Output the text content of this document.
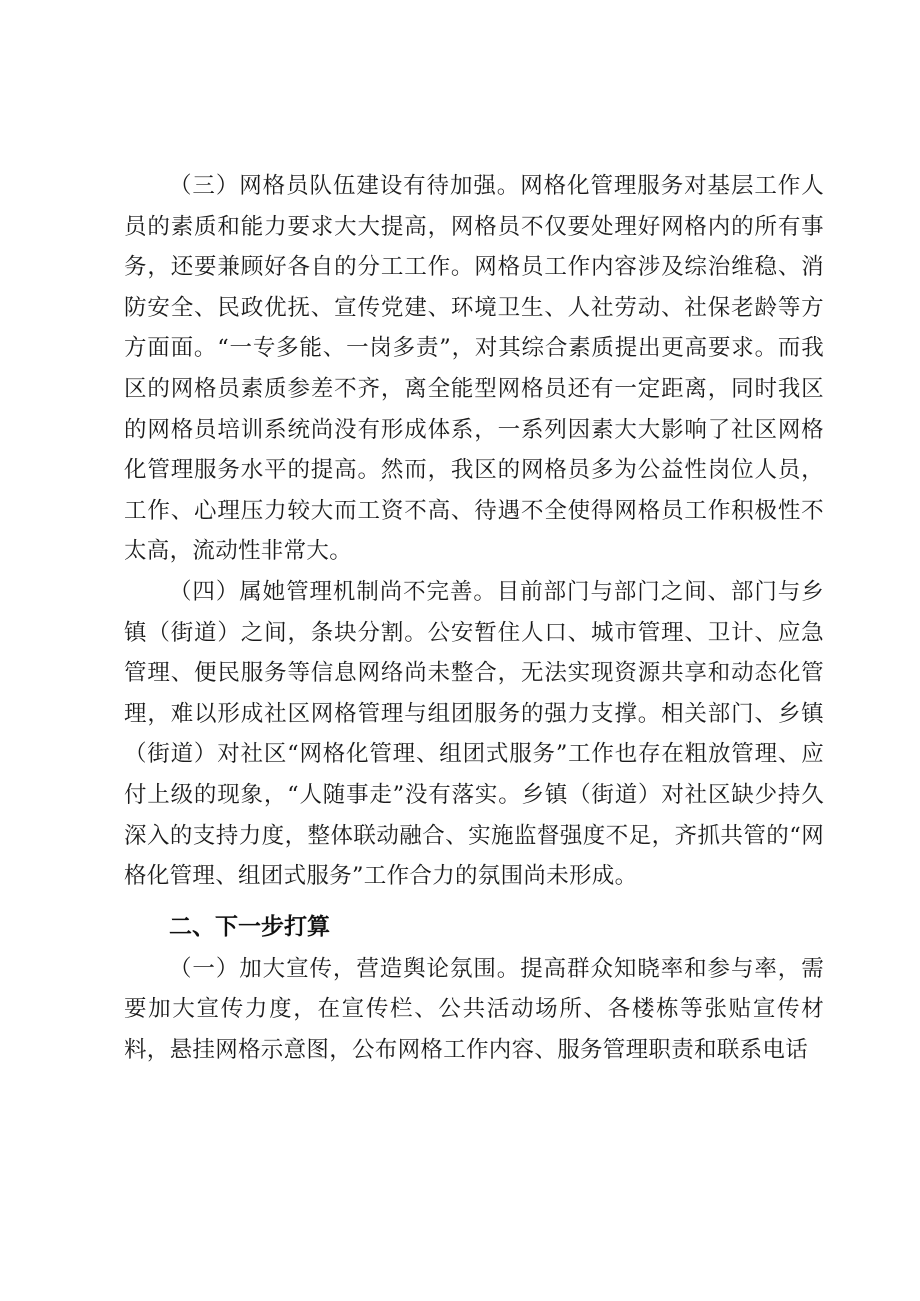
（三）网格员队伍建设有待加强。网格化管理服务对基层工作人员的素质和能力要求大大提高，网格员不仅要处理好网格内的所有事务，还要兼顾好各自的分工工作。网格员工作内容涉及综治维稳、消防安全、民政优抚、宣传党建、环境卫生、人社劳动、社保老龄等方方面面。“一专多能、一岗多责”，对其综合素质提出更高要求。而我区的网格员素质参差不齐，离全能型网格员还有一定距离，同时我区的网格员培训系统尚没有形成体系，一系列因素大大影响了社区网格化管理服务水平的提高。然而，我区的网格员多为公益性岗位人员，工作、心理压力较大而工资不高、待遇不全使得网格员工作积极性不太高，流动性非常大。

（四）属她管理机制尚不完善。目前部门与部门之间、部门与乡镇（街道）之间，条块分割。公安暂住人口、城市管理、卫计、应急管理、便民服务等信息网络尚未整合，无法实现资源共享和动态化管理，难以形成社区网格管理与组团服务的强力支撑。相关部门、乡镇（街道）对社区“网格化管理、组团式服务”工作也存在粗放管理、应付上级的现象，“人随事走”没有落实。乡镇（街道）对社区缺少持久深入的支持力度，整体联动融合、实施监督强度不足，齐抓共管的“网格化管理、组团式服务”工作合力的氛围尚未形成。

二、下一步打算

（一）加大宣传，营造舆论氛围。提高群众知晓率和参与率，需要加大宣传力度，在宣传栏、公共活动场所、各楼栋等张贴宣传材料，悬挂网格示意图，公布网格工作内容、服务管理职责和联系电话
